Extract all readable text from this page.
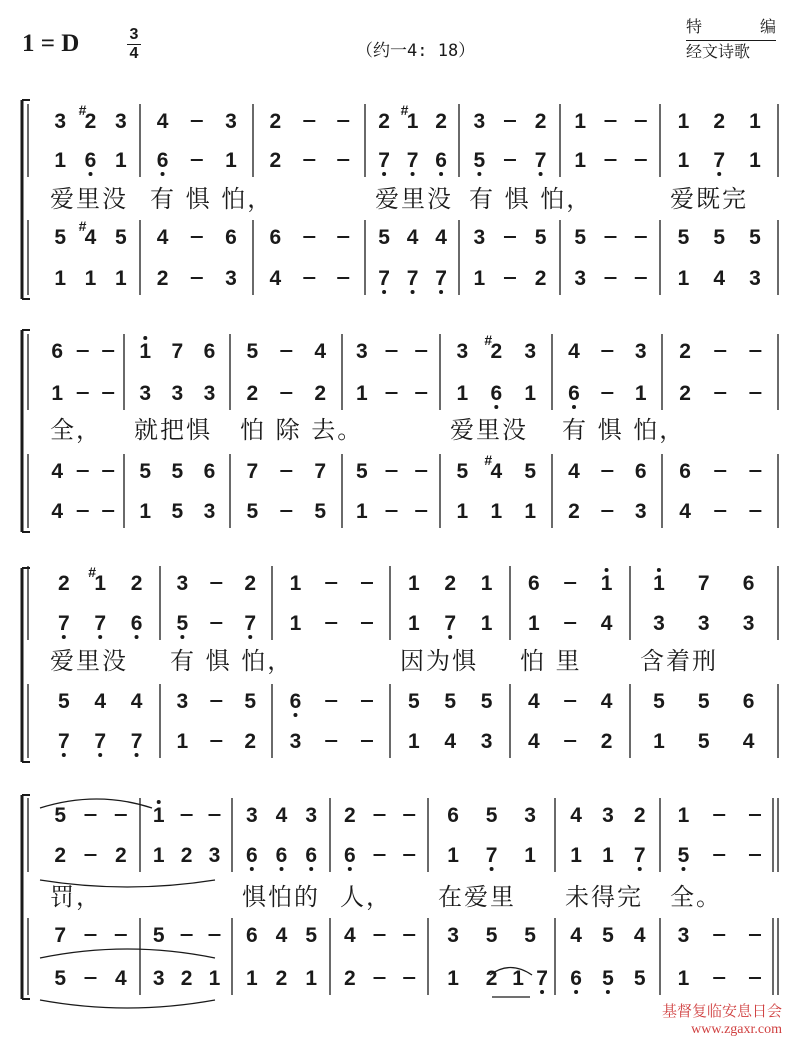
1 = D	$\frac{3}{4}$	（约一4: 18）
特	编
经文诗歌
3 #
2 3
1 6 1
5 #
4 5
1 1 1
爱里没
4	3
6	1
4	6
2	3
有 惧 怕，
2
2
6
4
2 #
1 2
7 7 6
5 4 4
7 7 7
爱里没
3 2
5 7
3 5
1 2
有 惧 怕，
1
1
5
3
1 2 1
1 7 1
5 5 5
1 4 3
爱既完
6
1
4
4
全，
1 7 6
3 3 3
5 5 6
1 5 3
就把惧
5	4
2	2
7	7
5	5
怕 除 去。
3
1
5
1
3 #
2 3
1 6 1
5 #
4 5
1 1 1
爱里没
4	3
6	1
4	6
2	3
有 惧 怕，
2
2
6
4
2 #
1 2
7 7 6
5 4 4
7 7 7
爱里没
3	2
5	7
3	5
1	2
有 惧 怕，
1
1
6
3
1 2 1
1 7 1
5 5 5
1 4 3
因为惧
6	1
1	4
4	4
4	2
怕 里
1 7 6
3 3 3
5 5 6
1 5 4
含着刑
5
2 2
7
5 4
罚，
1
1 2 3
5
3 2 1
3 4 3
6 6 6
6 4 5
1 2 1
惧怕的
2
6
4
2
人，
6 5 3
1 7 1
3 5 5
1 2 1 7
在爱里
4 3 2
1 1 7
4 5 4
6 5 5
未得完
1
5
3
1
全。
基督复临安息日会
www.zgaxr.com
